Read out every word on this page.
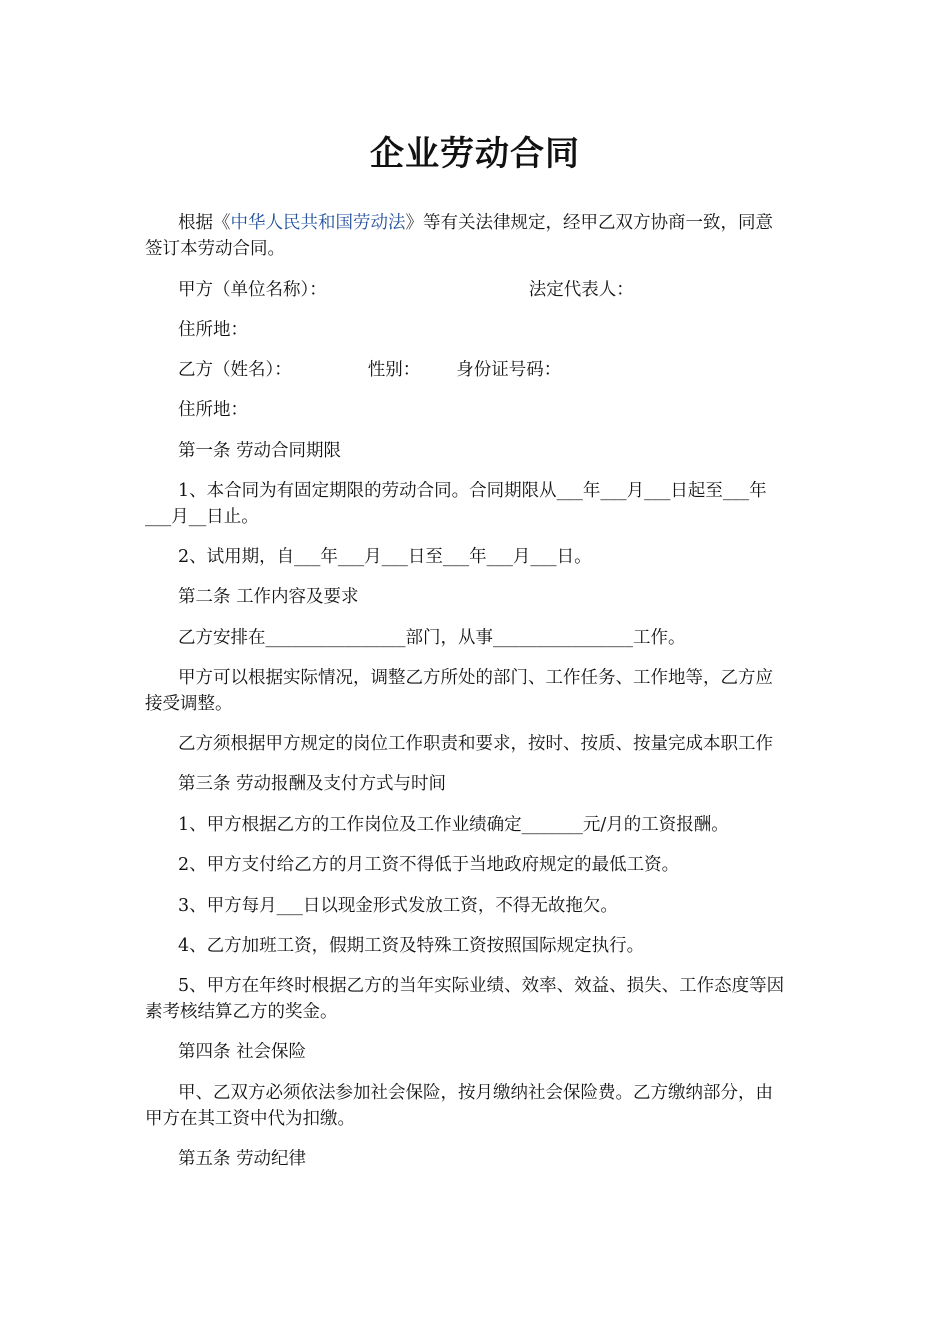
企业劳动合同

根据《中华人民共和国劳动法》等有关法律规定，经甲乙双方协商一致，同意

签订本劳动合同。

甲方（单位名称）：	法定代表人：

住所地：

乙方（姓名）：	性别： 身份证号码：

住所地：

第一条 劳动合同期限

1、本合同为有固定期限的劳动合同。合同期限从___年___月___日起至___年

___月__日止。

2、试用期，自___年___月___日至___年___月___日。

第二条 工作内容及要求

乙方安排在________________部门，从事________________工作。

甲方可以根据实际情况，调整乙方所处的部门、工作任务、工作地等，乙方应

接受调整。

乙方须根据甲方规定的岗位工作职责和要求，按时、按质、按量完成本职工作

第三条 劳动报酬及支付方式与时间

1、甲方根据乙方的工作岗位及工作业绩确定_______元/月的工资报酬。

2、甲方支付给乙方的月工资不得低于当地政府规定的最低工资。

3、甲方每月___日以现金形式发放工资，不得无故拖欠。

4、乙方加班工资，假期工资及特殊工资按照国际规定执行。

5、甲方在年终时根据乙方的当年实际业绩、效率、效益、损失、工作态度等因

素考核结算乙方的奖金。

第四条 社会保险

甲、乙双方必须依法参加社会保险，按月缴纳社会保险费。乙方缴纳部分，由

甲方在其工资中代为扣缴。

第五条 劳动纪律
